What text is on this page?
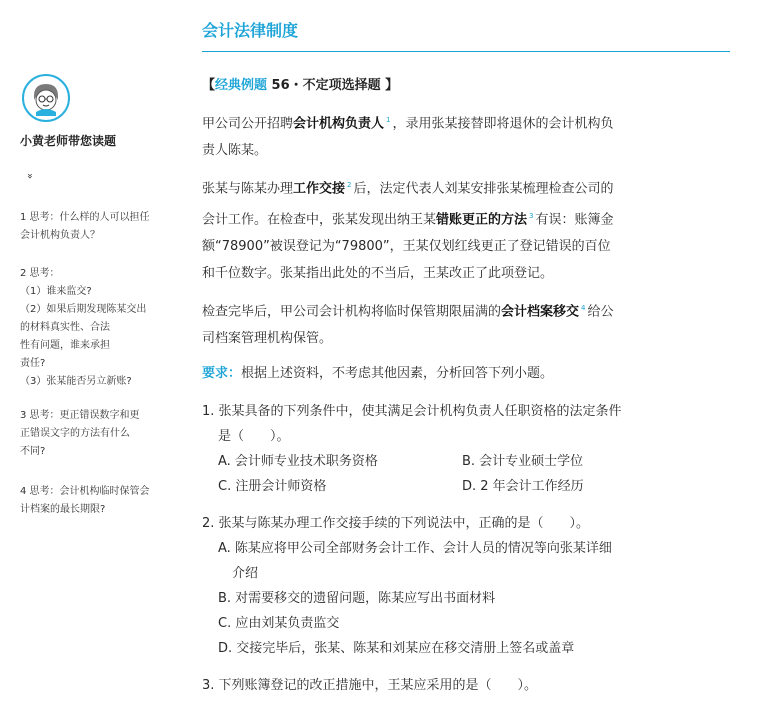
会计法律制度
小黄老师带您读题
»
1 思考：什么样的人可以担任
会计机构负责人？
2 思考：
（1）谁来监交?
（2）如果后期发现陈某交出
的材料真实性、合法
性有问题，谁来承担
责任?
（3）张某能否另立新账?
3 思考：更正错误数字和更
正错误文字的方法有什么
不同?
4 思考：会计机构临时保管会
计档案的最长期限?
【经典例题 56・不定项选择题 】

甲公司公开招聘会计机构负责人 $^1$ ，录用张某接替即将退休的会计机构负
责人陈某。

张某与陈某办理工作交接 $^2$ 后，法定代表人刘某安排张某梳理检查公司的
会计工作。在检查中，张某发现出纳王某错账更正的方法 $^3$ 有误：账簿金
额“78900”被误登记为“79800”，王某仅划红线更正了登记错误的百位
和千位数字。张某指出此处的不当后，王某改正了此项登记。

检查完毕后，甲公司会计机构将临时保管期限届满的会计档案移交 $^4$ 给公
司档案管理机构保管。

要求：根据上述资料，不考虑其他因素，分析回答下列小题。

1. 张某具备的下列条件中，使其满足会计机构负责人任职资格的法定条件

是（　　）。
A. 会计师专业技术职务资格	B. 会计专业硕士学位
C. 注册会计师资格	D. 2 年会计工作经历

2. 张某与陈某办理工作交接手续的下列说法中，正确的是（　　）。

A. 陈某应将甲公司全部财务会计工作、会计人员的情况等向张某详细
介绍
B. 对需要移交的遗留问题，陈某应写出书面材料
C. 应由刘某负责监交
D. 交接完毕后，张某、陈某和刘某应在移交清册上签名或盖章

3. 下列账簿登记的改正措施中，王某应采用的是（　　）。
